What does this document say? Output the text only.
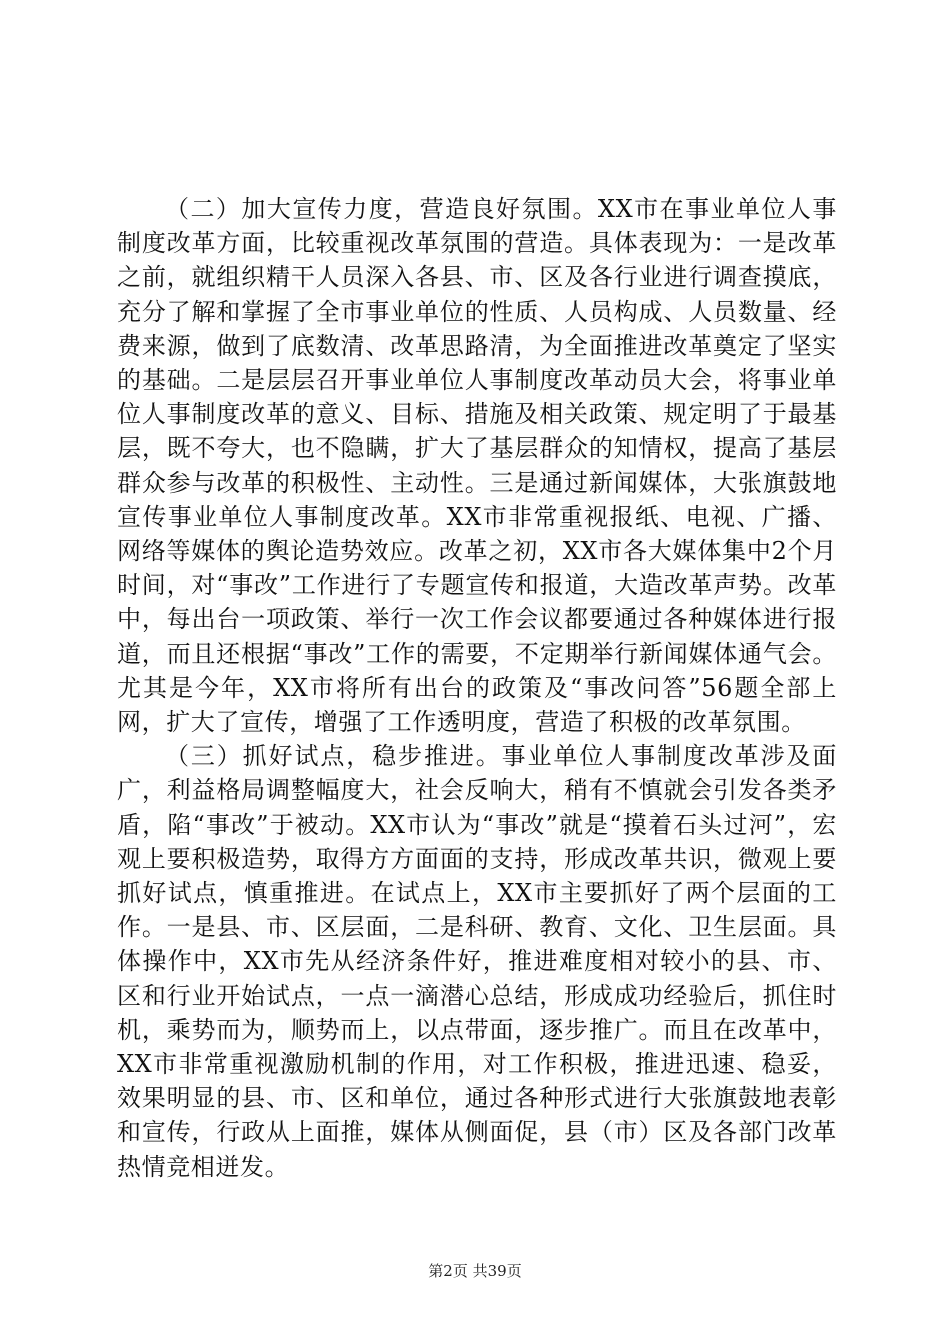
（二）加大宣传力度，营造良好氛围。XX市在事业单位人事制度改革方面，比较重视改革氛围的营造。具体表现为：一是改革之前，就组织精干人员深入各县、市、区及各行业进行调查摸底，充分了解和掌握了全市事业单位的性质、人员构成、人员数量、经费来源，做到了底数清、改革思路清，为全面推进改革奠定了坚实的基础。二是层层召开事业单位人事制度改革动员大会，将事业单位人事制度改革的意义、目标、措施及相关政策、规定明了于最基层，既不夸大，也不隐瞒，扩大了基层群众的知情权，提高了基层群众参与改革的积极性、主动性。三是通过新闻媒体，大张旗鼓地宣传事业单位人事制度改革。XX市非常重视报纸、电视、广播、网络等媒体的舆论造势效应。改革之初，XX市各大媒体集中2个月时间，对“事改”工作进行了专题宣传和报道，大造改革声势。改革中，每出台一项政策、举行一次工作会议都要通过各种媒体进行报道，而且还根据“事改”工作的需要，不定期举行新闻媒体通气会。尤其是今年，XX市将所有出台的政策及“事改问答”56题全部上网，扩大了宣传，增强了工作透明度，营造了积极的改革氛围。

（三）抓好试点，稳步推进。事业单位人事制度改革涉及面广，利益格局调整幅度大，社会反响大，稍有不慎就会引发各类矛盾，陷“事改”于被动。XX市认为“事改”就是“摸着石头过河”，宏观上要积极造势，取得方方面面的支持，形成改革共识，微观上要抓好试点，慎重推进。在试点上，XX市主要抓好了两个层面的工作。一是县、市、区层面，二是科研、教育、文化、卫生层面。具体操作中，XX市先从经济条件好，推进难度相对较小的县、市、区和行业开始试点，一点一滴潜心总结，形成成功经验后，抓住时机，乘势而为，顺势而上，以点带面，逐步推广。而且在改革中，XX市非常重视激励机制的作用，对工作积极，推进迅速、稳妥，效果明显的县、市、区和单位，通过各种形式进行大张旗鼓地表彰和宣传，行政从上面推，媒体从侧面促，县（市）区及各部门改革热情竞相迸发。

第2页 共39页
